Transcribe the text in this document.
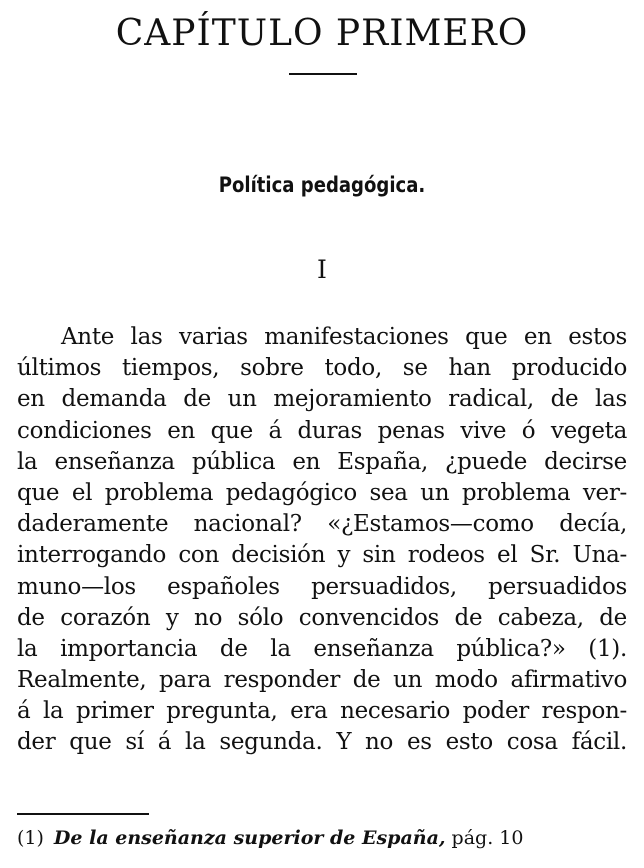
CAPÍTULO PRIMERO
Política pedagógica.
I
Ante las varias manifestaciones que en estos
últimos tiempos, sobre todo, se han producido
en demanda de un mejoramiento radical, de las
condiciones en que á duras penas vive ó vegeta
la enseñanza pública en España, ¿puede decirse
que el problema pedagógico sea un problema ver-
daderamente nacional? «¿Estamos—como decía,
interrogando con decisión y sin rodeos el Sr. Una-
muno—los españoles persuadidos, persuadidos
de corazón y no sólo convencidos de cabeza, de
la importancia de la enseñanza pública?» (1).
Realmente, para responder de un modo afirmativo
á la primer pregunta, era necesario poder respon-
der que sí á la segunda. Y no es esto cosa fácil.
(1) De la enseñanza superior de España, pág. 10
